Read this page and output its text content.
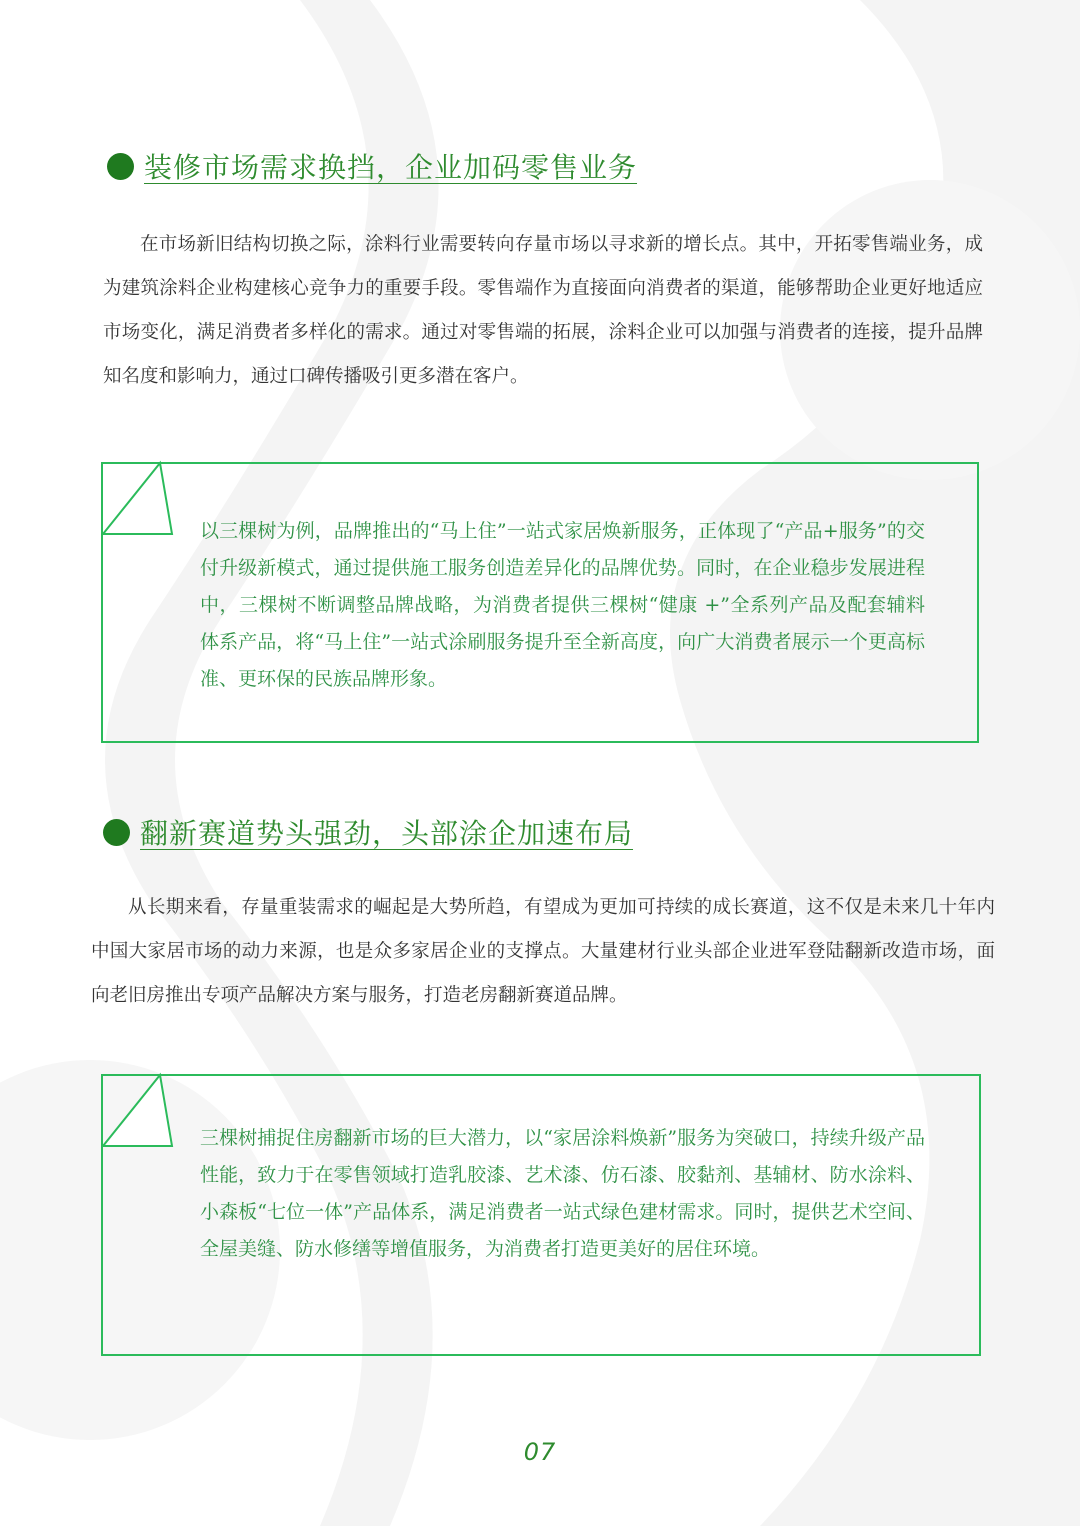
装修市场需求换挡，企业加码零售业务

在市场新旧结构切换之际，涂料行业需要转向存量市场以寻求新的增长点。其中，开拓零售端业务，成为建筑涂料企业构建核心竞争力的重要手段。零售端作为直接面向消费者的渠道，能够帮助企业更好地适应市场变化，满足消费者多样化的需求。通过对零售端的拓展，涂料企业可以加强与消费者的连接，提升品牌知名度和影响力，通过口碑传播吸引更多潜在客户。

以三棵树为例，品牌推出的“马上住”一站式家居焕新服务，正体现了“产品+服务”的交付升级新模式，通过提供施工服务创造差异化的品牌优势。同时，在企业稳步发展进程中，三棵树不断调整品牌战略，为消费者提供三棵树“健康 +”全系列产品及配套辅料体系产品，将“马上住”一站式涂刷服务提升至全新高度，向广大消费者展示一个更高标准、更环保的民族品牌形象。

翻新赛道势头强劲，头部涂企加速布局

从长期来看，存量重装需求的崛起是大势所趋，有望成为更加可持续的成长赛道，这不仅是未来几十年内中国大家居市场的动力来源，也是众多家居企业的支撑点。大量建材行业头部企业进军登陆翻新改造市场，面向老旧房推出专项产品解决方案与服务，打造老房翻新赛道品牌。

三棵树捕捉住房翻新市场的巨大潜力，以“家居涂料焕新”服务为突破口，持续升级产品性能，致力于在零售领域打造乳胶漆、艺术漆、仿石漆、胶黏剂、基辅材、防水涂料、小森板“七位一体”产品体系，满足消费者一站式绿色建材需求。同时，提供艺术空间、全屋美缝、防水修缮等增值服务，为消费者打造更美好的居住环境。

07
